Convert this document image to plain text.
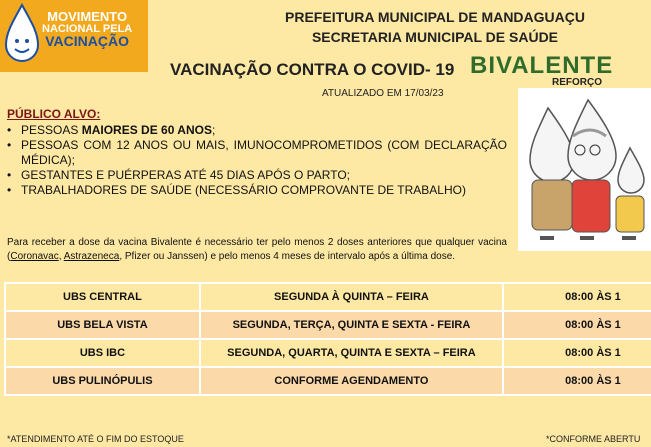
MOVIMENTO
NACIONAL PELA
VACINAÇÃO
PREFEITURA MUNICIPAL DE MANDAGUAÇU
SECRETARIA MUNICIPAL DE SAÚDE
VACINAÇÃO CONTRA O COVID- 19 BIVALENTE
REFORÇO
ATUALIZADO EM 17/03/23
PÚBLICO ALVO:
• PESSOAS MAIORES DE 60 ANOS;
• PESSOAS COM 12 ANOS OU MAIS, IMUNOCOMPROMETIDOS (COM DECLARAÇÃO MÉDICA);
• GESTANTES E PUÉRPERAS ATÉ 45 DIAS APÓS O PARTO;
• TRABALHADORES DE SAÚDE (NECESSÁRIO COMPROVANTE DE TRABALHO)
Para receber a dose da vacina Bivalente é necessário ter pelo menos 2 doses anteriores que qualquer vacina (Coronavac, Astrazeneca, Pfizer ou Janssen) e pelo menos 4 meses de intervalo após a última dose.
UBS CENTRAL	SEGUNDA À QUINTA – FEIRA	08:00 ÀS 1
UBS BELA VISTA	SEGUNDA, TERÇA, QUINTA E SEXTA - FEIRA	08:00 ÀS 1
UBS IBC	SEGUNDA, QUARTA, QUINTA E SEXTA – FEIRA	08:00 ÀS 1
UBS PULINÓPULIS	CONFORME AGENDAMENTO	08:00 ÀS 1
*ATENDIMENTO ATÉ O FIM DO ESTOQUE	*CONFORME ABERTU
